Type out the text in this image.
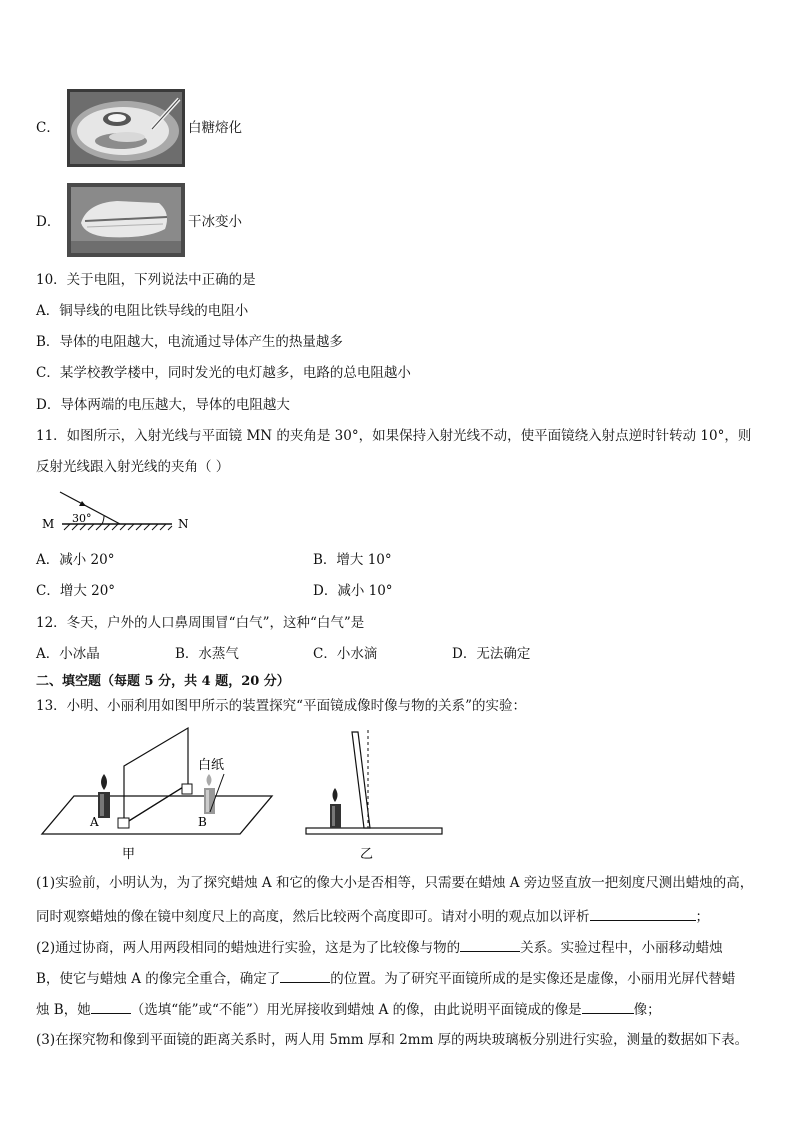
C．	白糖熔化
D．	干冰变小
10．关于电阻，下列说法中正确的是
A．铜导线的电阻比铁导线的电阻小
B．导体的电阻越大，电流通过导体产生的热量越多
C．某学校教学楼中，同时发光的电灯越多，电路的总电阻越小
D．导体两端的电压越大，导体的电阻越大
11．如图所示，入射光线与平面镜 MN 的夹角是 30°，如果保持入射光线不动，使平面镜绕入射点逆时针转动 10°，则
反射光线跟入射光线的夹角（ ）
M 30°	N
A．减小 20°	B．增大 10°
C．增大 20°	D．减小 10°
12．冬天，户外的人口鼻周围冒“白气”，这种“白气”是
A．小冰晶	B．水蒸气	C．小水滴	D．无法确定
二、填空题（每题 5 分，共 4 题，20 分）
13．小明、小丽利用如图甲所示的装置探究“平面镜成像时像与物的关系”的实验：
白纸
A	B
甲	乙
(1)实验前，小明认为，为了探究蜡烛 A 和它的像大小是否相等，只需要在蜡烛 A 旁边竖直放一把刻度尺测出蜡烛的高，
同时观察蜡烛的像在镜中刻度尺上的高度，然后比较两个高度即可。请对小明的观点加以评析	；
(2)通过协商，两人用两段相同的蜡烛进行实验，这是为了比较像与物的	关系。实验过程中，小丽移动蜡烛
B，使它与蜡烛 A 的像完全重合，确定了	的位置。为了研究平面镜所成的是实像还是虚像，小丽用光屏代替蜡
烛 B，她	（选填“能”或“不能”）用光屏接收到蜡烛 A 的像，由此说明平面镜成的像是	像；
(3)在探究物和像到平面镜的距离关系时，两人用 5mm 厚和 2mm 厚的两块玻璃板分别进行实验，测量的数据如下表。
